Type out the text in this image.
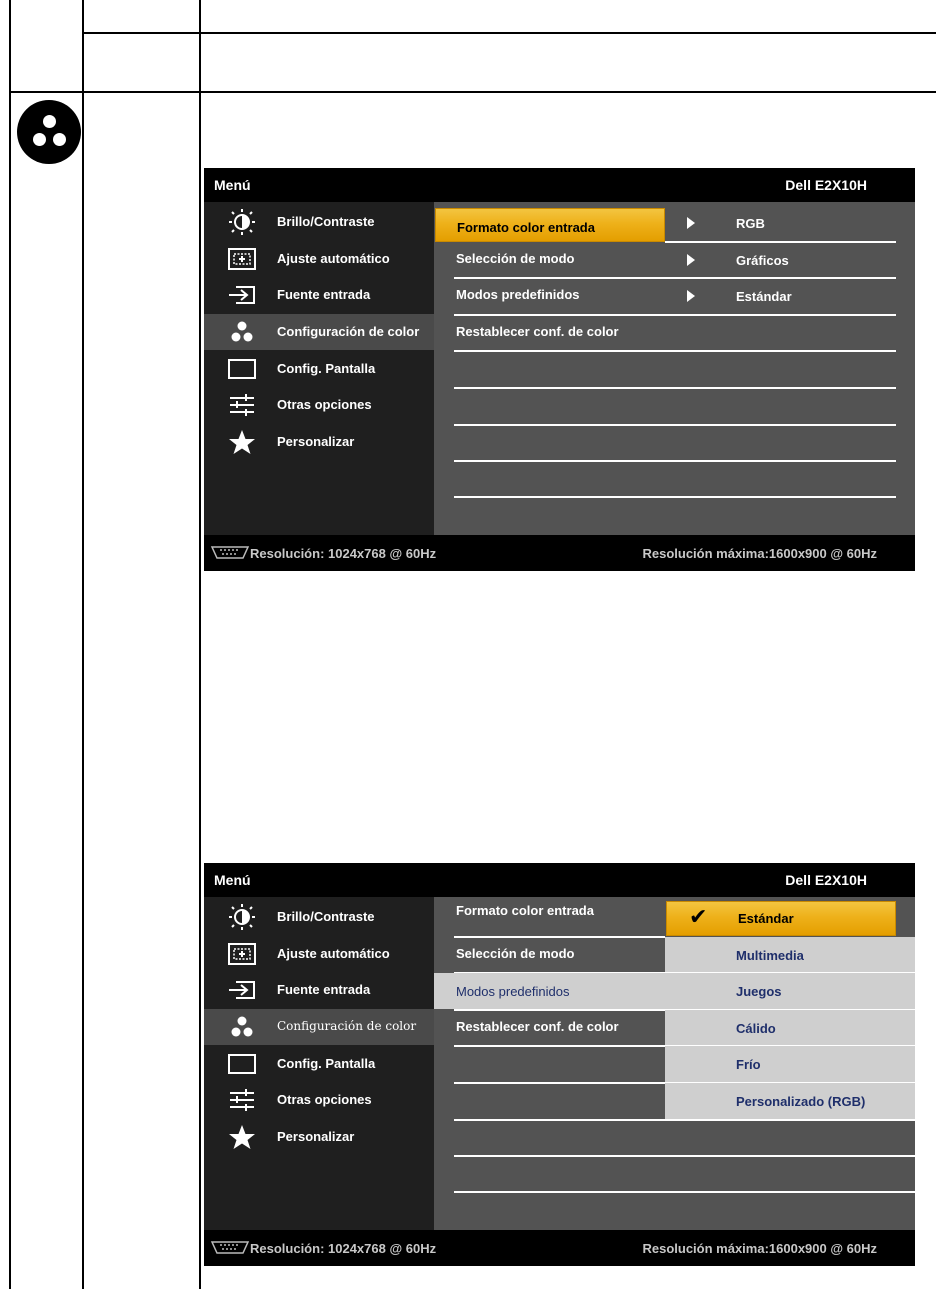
Menú	Dell E2X10H
Brillo/Contraste
Ajuste automático
Fuente entrada
Configuración de color
Config. Pantalla
Otras opciones
Personalizar
Formato color entrada	RGB
Selección de modo	Gráficos
Modos predefinidos	Estándar
Restablecer conf. de color
Resolución: 1024x768 @ 60Hz	Resolución máxima:1600x900 @ 60Hz
Menú	Dell E2X10H
Brillo/Contraste
Ajuste automático
Fuente entrada
Configuración de color
Config. Pantalla
Otras opciones
Personalizar
Formato color entrada
Selección de modo
Modos predefinidos
Restablecer conf. de color
✔ Estándar
Multimedia
Juegos
Cálido
Frío
Personalizado (RGB)
Resolución: 1024x768 @ 60Hz	Resolución máxima:1600x900 @ 60Hz
